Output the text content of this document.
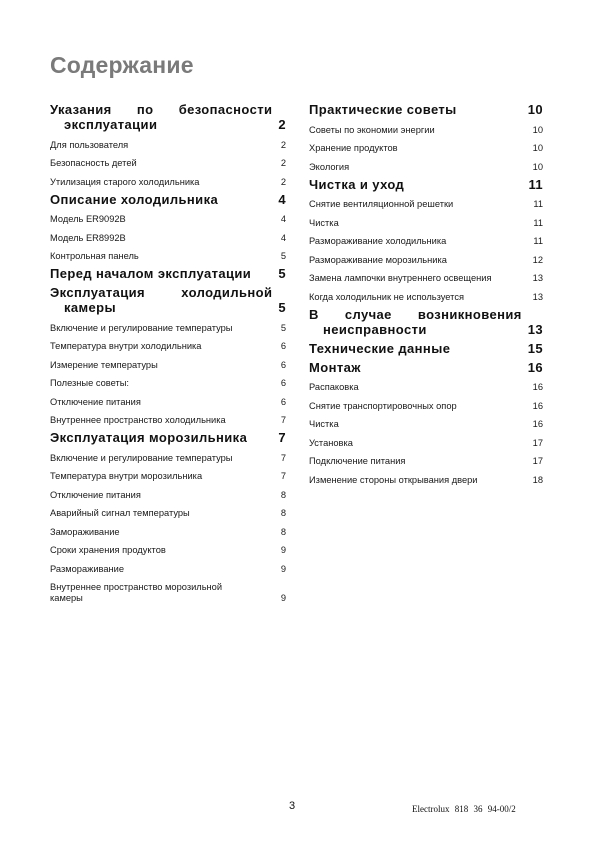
Содержание
Указания по безопасности
эксплуатации	2
Для пользователя	2
Безопасность детей	2
Утилизация старого холодильника	2
Описание холодильника	4
Модель ER9092B	4
Модель ER8992B	4
Контрольная панель	5
Перед началом эксплуатации	5
Эксплуатация холодильной
камеры	5
Включение и регулирование температуры	5
Температура внутри холодильника	6
Измерение температуры	6
Полезные советы:	6
Отключение питания	6
Внутреннее пространство холодильника	7
Эксплуатация морозильника	7
Включение и регулирование температуры	7
Температура внутри морозильника	7
Отключение питания	8
Аварийный сигнал температуры	8
Замораживание	8
Сроки хранения продуктов	9
Размораживание	9
Внутреннее пространство морозильной
камеры	9
Практические советы	10
Советы по экономии энергии	10
Хранение продуктов	10
Экология	10
Чистка и уход	11
Снятие вентиляционной решетки	11
Чистка	11
Размораживание холодильника	11
Размораживание морозильника	12
Замена лампочки внутреннего освещения	13
Когда холодильник не используется	13
В случае возникновения
неисправности	13
Технические данные	15
Монтаж	16
Распаковка	16
Снятие транспортировочных опор	16
Чистка	16
Установка	17
Подключение питания	17
Изменение стороны открывания двери	18
3	Electrolux 818 36 94-00/2
